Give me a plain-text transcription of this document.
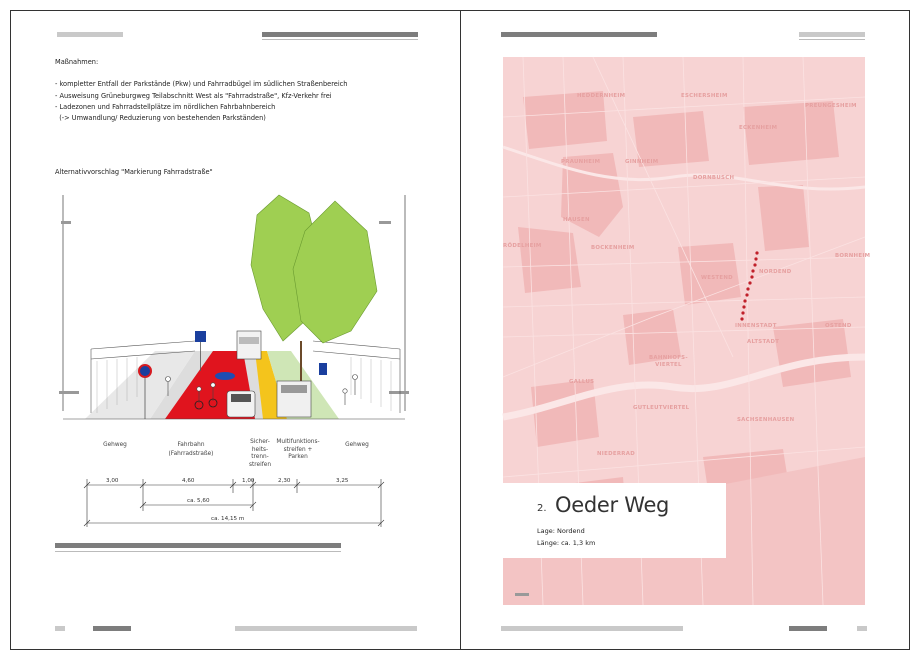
Maßnahmen:
- kompletter Entfall der Parkstände (Pkw) und Fahrradbügel im südlichen Straßenbereich
- Ausweisung Grüneburgweg Teilabschnitt West als "Fahrradstraße", Kfz-Verkehr frei
- Ladezonen und Fahrradstellplätze im nördlichen Fahrbahnbereich
(-> Umwandlung/ Reduzierung von bestehenden Parkständen)
Alternativvorschlag "Markierung Fahrradstraße"
Gehweg	Fahrbahn
(Fahrradstraße)
Sicher-
heits-
trenn-
streifen
Multifunktions-
streifen +
Parken
Gehweg
3,00	4,60	1,00	2,30	3,25
ca. 5,60
ca. 14,15 m
HEDDERNHEIM	ESCHERSHEIM
PREUNGESHEIM
ECKENHEIM
PRAUNHEIM	GINNHEIM
DORNBUSCH
HAUSEN
RÖDELHEIM	BOCKENHEIM
BORNHEIM
WESTEND
NORDEND
INNENSTADT
ALTSTADT
OSTEND
BAHNHOFS-
VIERTEL
GALLUS
GUTLEUTVIERTEL
SACHSENHAUSEN
NIEDERRAD
2. Oeder Weg
Lage: Nordend
Länge: ca. 1,3 km
